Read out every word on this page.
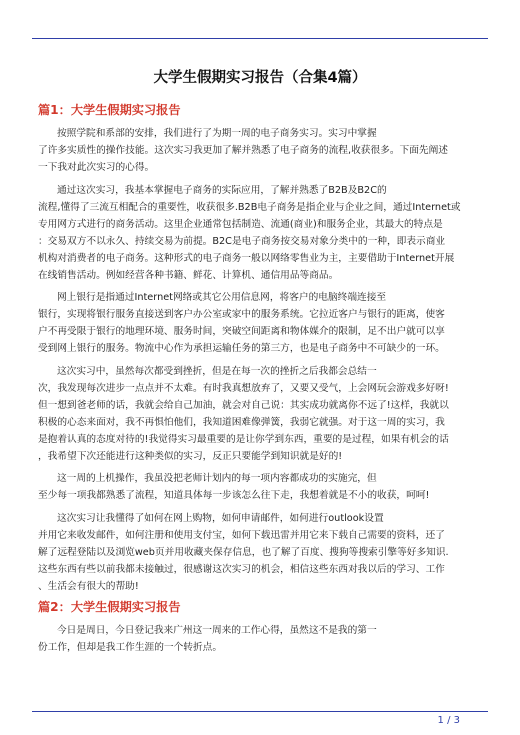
大学生假期实习报告（合集4篇）
篇1：大学生假期实习报告
按照学院和系部的安排，我们进行了为期一周的电子商务实习。实习中掌握
了许多实质性的操作技能。这次实习我更加了解并熟悉了电子商务的流程,收获很多。下面先阐述
一下我对此次实习的心得。
通过这次实习，我基本掌握电子商务的实际应用，了解并熟悉了B2B及B2C的
流程,懂得了三流互相配合的重要性，收获很多.B2B电子商务是指企业与企业之间，通过Internet或
专用网方式进行的商务活动。这里企业通常包括制造、流通(商业)和服务企业，其最大的特点是
：交易双方不以永久、持续交易为前提。B2C是电子商务按交易对象分类中的一种，即表示商业
机构对消费者的电子商务。这种形式的电子商务一般以网络零售业为主，主要借助于Internet开展
在线销售活动。例如经营各种书籍、鲜花、计算机、通信用品等商品。
网上银行是指通过Internet网络或其它公用信息网，将客户的电脑终端连接至
银行，实现将银行服务直接送到客户办公室或家中的服务系统。它拉近客户与银行的距离，使客
户不再受限于银行的地理环境、服务时间，突破空间距离和物体媒介的限制，足不出户就可以享
受到网上银行的服务。物流中心作为承担运输任务的第三方，也是电子商务中不可缺少的一环。
这次实习中，虽然每次都受到挫折，但是在每一次的挫折之后我都会总结一
次，我发现每次进步一点点并不太难。有时我真想放弃了，又要又受气，上会网玩会游戏多好呀!
但一想到爸老师的话，我就会给自己加油，就会对自己说：其实成功就离你不远了!这样，我就以
积极的心态来面对，我不再惧怕他们，我知道困难像弹簧，我弱它就强。对于这一周的实习，我
是抱着认真的态度对待的!我觉得实习最重要的是让你学到东西，重要的是过程，如果有机会的话
，我希望下次还能进行这种类似的实习，反正只要能学到知识就是好的!
这一周的上机操作，我虽没把老师计划内的每一项内容都成功的实施完，但
至少每一项我都熟悉了流程，知道具体每一步该怎么往下走，我想着就是不小的收获，呵呵!
这次实习让我懂得了如何在网上购物，如何申请邮件，如何进行outlook设置
并用它来收发邮件，如何注册和使用支付宝，如何下载迅雷并用它来下载自己需要的资料，还了
解了远程登陆以及浏览web页并用收藏夹保存信息，也了解了百度、搜狗等搜索引擎等好多知识.
这些东西有些以前我都未接触过，很感谢这次实习的机会，相信这些东西对我以后的学习、工作
、生活会有很大的帮助!
篇2：大学生假期实习报告
今日是周日，今日登记我来广州这一周来的工作心得，虽然这不是我的第一
份工作，但却是我工作生涯的一个转折点。
1 / 3
